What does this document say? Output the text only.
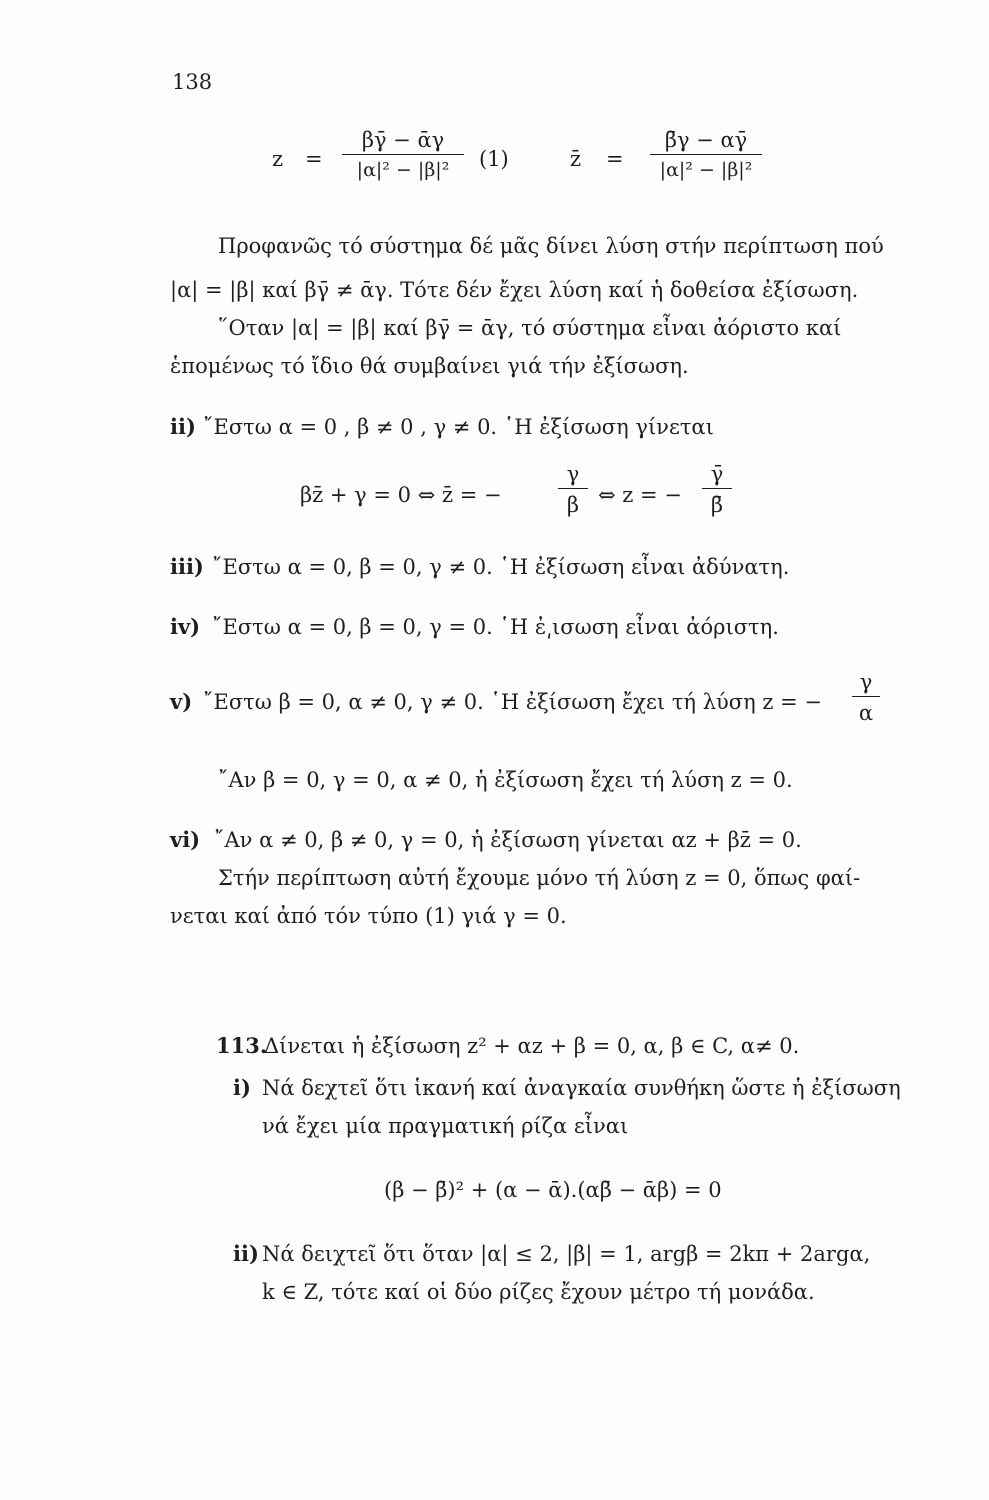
138
$z = \frac{\text{βγ̄ − ᾱγ}}{\text{|α|² − |β|²}} (1)$	z̄ = $\frac{\betā\gamma - \alpha\gammā}{\text{|α|² − |β|²}}$
Προφανῶς τό σύστημα δέ μᾶς δίνει λύση στήν περίπτωση πού
|α| = |β| καί βγ̄ ≠ ᾱγ. Τότε δέν ἔχει λύση καί ἡ δοθείσα ἐξίσωση.
῞Οταν |α| = |β| καί βγ̄ = ᾱγ, τό σύστημα εἶναι ἀόριστο καί
ἑπομένως τό ἴδιο θά συμβαίνει γιά τήν ἐξίσωση.
ii) ῎Εστω α = 0 , β ≠ 0 , γ ≠ 0. ῾Η ἐξίσωση γίνεται
βz̄ + γ = 0 ⇔ z̄ = −	$\frac{\gamma}{\beta}$ ⇔ z = − $\frac{\gammā}{\betā}$
iii) ῎Εστω α = 0, β = 0, γ ≠ 0. ῾Η ἐξίσωση εἶναι ἀδύνατη.
iv) ῎Εστω α = 0, β = 0, γ = 0. ῾Η ἐ͵ισωση εἶναι ἀόριστη.
v) ῎Εστω β = 0, α ≠ 0, γ ≠ 0. ῾Η ἐξίσωση ἔχει τή λύση z = − $\frac{\gamma}{\alpha}$
῎Αν β = 0, γ = 0, α ≠ 0, ἡ ἐξίσωση ἔχει τή λύση z = 0.
vi) ῎Αν α ≠ 0, β ≠ 0, γ = 0, ἡ ἐξίσωση γίνεται αz + βz̄ = 0.
Στήν περίπτωση αὐτή ἔχουμε μόνο τή λύση z = 0, ὅπως φαί-
νεται καί ἀπό τόν τύπο (1) γιά γ = 0.
113.
Δίνεται ἡ ἐξίσωση z² + αz + β = 0, α, β ∈ C, α≠ 0.
i) Νά δεχτεῖ ὅτι ἱκανή καί ἀναγκαία συνθήκη ὥστε ἡ ἐξίσωση
νά ἔχει μία πραγματική ρίζα εἶναι
(β − β̄)² + (α − ᾱ).(αβ̄ − ᾱβ) = 0
ii) Νά δειχτεῖ ὅτι ὅταν |α| ≤ 2, |β| = 1, argβ = 2kπ + 2argα,
k ∈ Z, τότε καί οἱ δύο ρίζες ἔχουν μέτρο τή μονάδα.
